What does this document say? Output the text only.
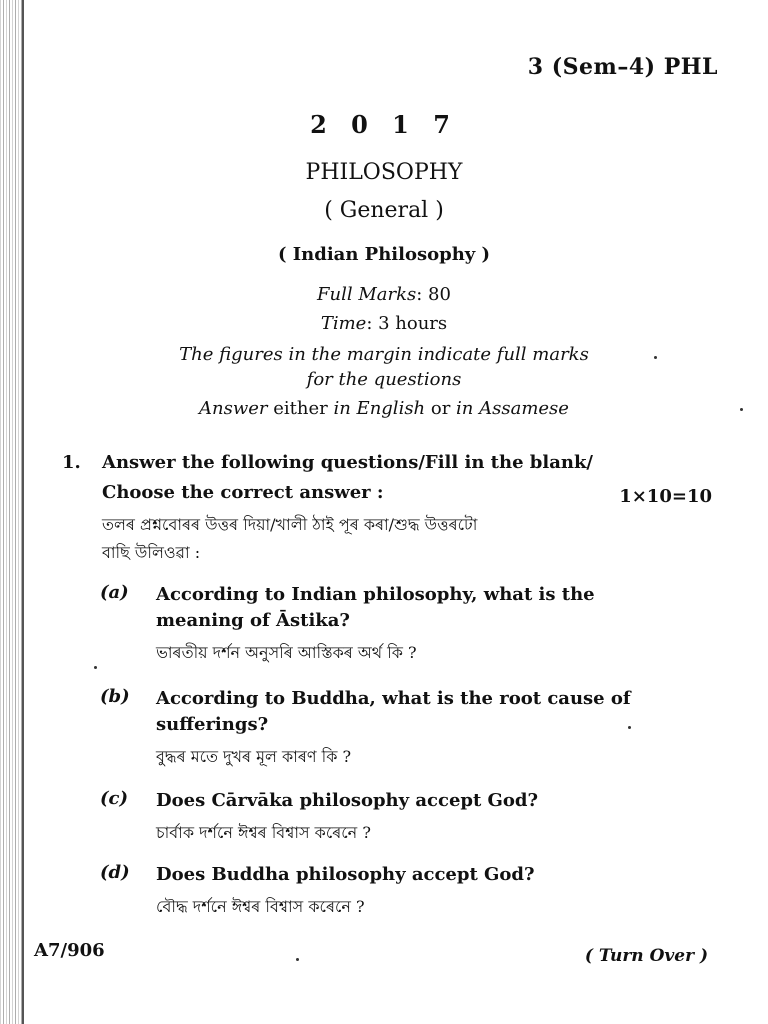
3 (Sem–4) PHL
2 0 1 7
PHILOSOPHY
( General )
( Indian Philosophy )
Full Marks: 80
Time: 3 hours
The figures in the margin indicate full marks
for the questions
Answer either in English or in Assamese
1. Answer the following questions/Fill in the blank/
Choose the correct answer :	1×10=10
তলৰ প্ৰশ্নবোৰৰ উত্তৰ দিয়া/খালী ঠাই পূৰ কৰা/শুদ্ধ উত্তৰটো
বাছি উলিওৱা :
(a) According to Indian philosophy, what is the meaning of Āstika?
ভাৰতীয় দৰ্শন অনুসৰি আস্তিকৰ অৰ্থ কি ?
(b) According to Buddha, what is the root cause of sufferings?
বুদ্ধৰ মতে দুখৰ মূল কাৰণ কি ?
(c) Does Cārvāka philosophy accept God?
চাৰ্বাক দৰ্শনে ঈশ্বৰ বিশ্বাস কৰেনে ?
(d) Does Buddha philosophy accept God?
বৌদ্ধ দৰ্শনে ঈশ্বৰ বিশ্বাস কৰেনে ?
A7/906	( Turn Over )
